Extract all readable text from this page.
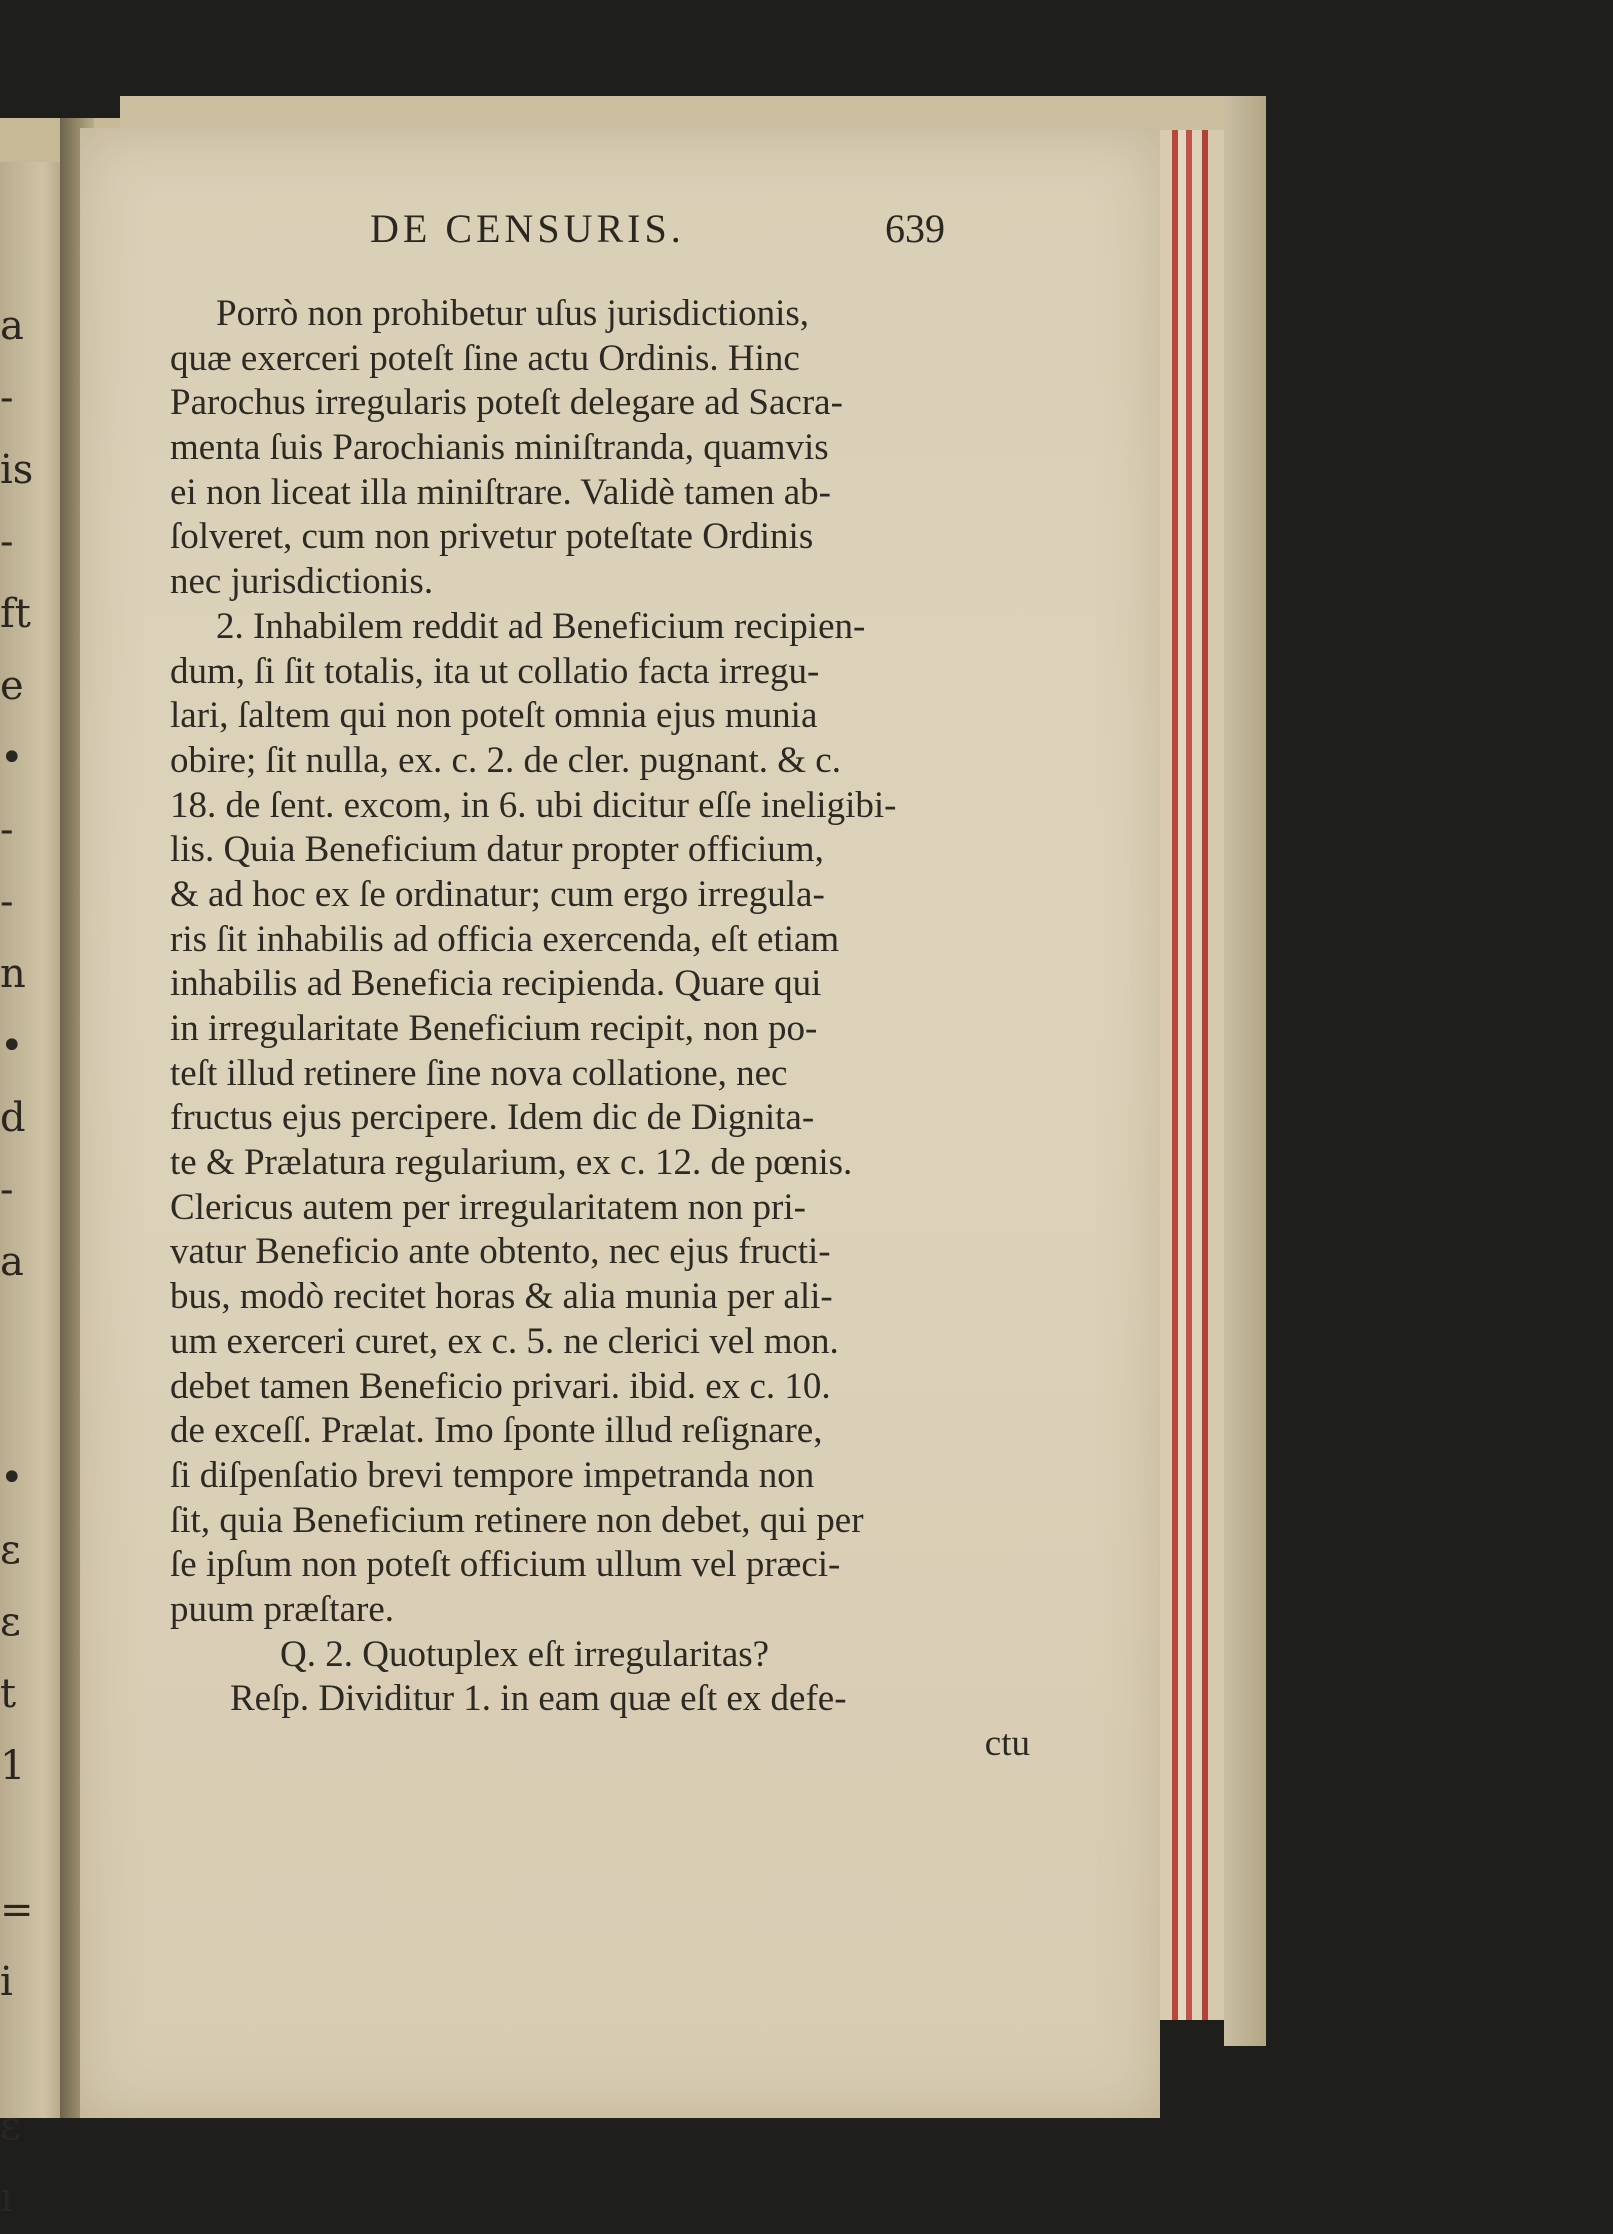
a
-
is
-
ft
e
•
-
-
n
•
d
-
a
•
ε
ε
t
1
=
i
ε
ı
DE CENSURIS.	639
Porrò non prohibetur uſus jurisdictionis,
quæ exerceri poteſt ſine actu Ordinis. Hinc
Parochus irregularis poteſt delegare ad Sacra-
menta ſuis Parochianis miniſtranda, quamvis
ei non liceat illa miniſtrare. Validè tamen ab-
ſolveret, cum non privetur poteſtate Ordinis
nec jurisdictionis.
2. Inhabilem reddit ad Beneficium recipien-
dum, ſi ſit totalis, ita ut collatio facta irregu-
lari, ſaltem qui non poteſt omnia ejus munia
obire; ſit nulla, ex. c. 2. de cler. pugnant. & c.
18. de ſent. excom, in 6. ubi dicitur eſſe ineligibi-
lis. Quia Beneficium datur propter officium,
& ad hoc ex ſe ordinatur; cum ergo irregula-
ris ſit inhabilis ad officia exercenda, eſt etiam
inhabilis ad Beneficia recipienda. Quare qui
in irregularitate Beneficium recipit, non po-
teſt illud retinere ſine nova collatione, nec
fructus ejus percipere. Idem dic de Dignita-
te & Prælatura regularium, ex c. 12. de pœnis.
Clericus autem per irregularitatem non pri-
vatur Beneficio ante obtento, nec ejus fructi-
bus, modò recitet horas & alia munia per ali-
um exerceri curet, ex c. 5. ne clerici vel mon.
debet tamen Beneficio privari. ibid. ex c. 10.
de exceſſ. Prælat. Imo ſponte illud reſignare,
ſi diſpenſatio brevi tempore impetranda non
ſit, quia Beneficium retinere non debet, qui per
ſe ipſum non poteſt officium ullum vel præci-
puum præſtare.
Q. 2. Quotuplex eſt irregularitas?
Reſp. Dividitur 1. in eam quæ eſt ex defe-
ctu
